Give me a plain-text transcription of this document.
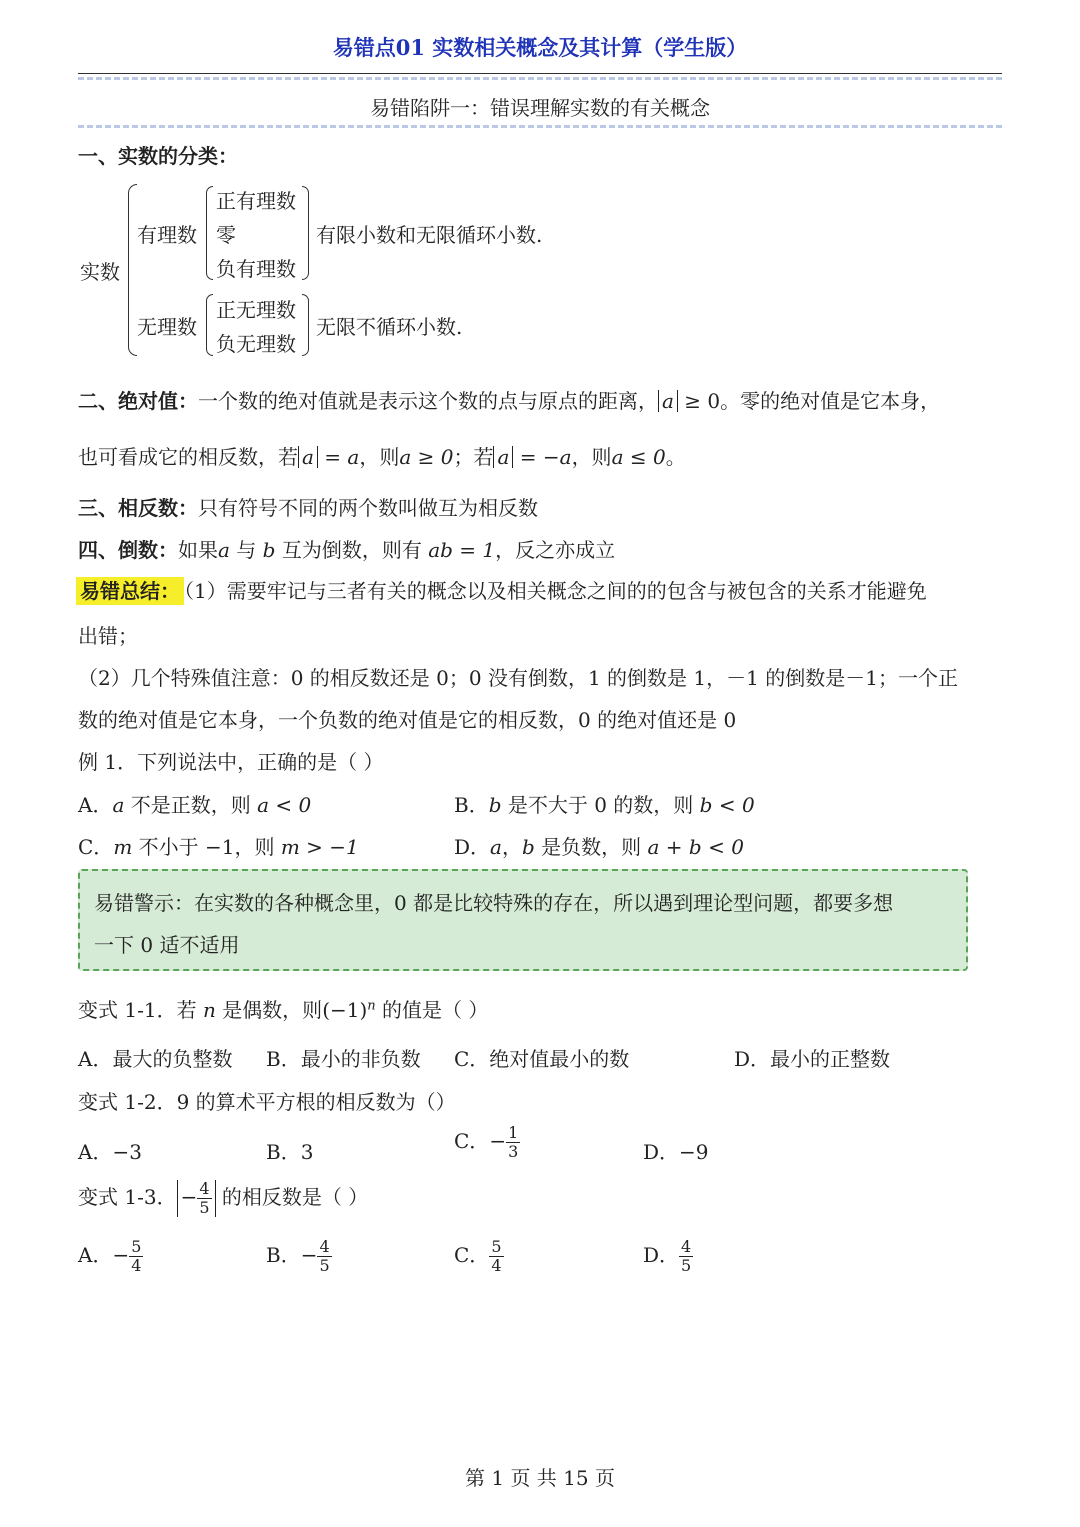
易错点01 实数相关概念及其计算（学生版）
易错陷阱一：错误理解实数的有关概念
一、实数的分类：
实数
有理数
正有理数
零
负有理数
有限小数和无限循环小数.
无理数
正无理数
负无理数
无限不循环小数.
二、绝对值：一个数的绝对值就是表示这个数的点与原点的距离， a ≥ 0。零的绝对值是它本身，
也可看成它的相反数，若 a = a，则a ≥ 0；若 a = −a，则a ≤ 0。
三、相反数：只有符号不同的两个数叫做互为相反数
四、倒数：如果a 与 b 互为倒数，则有 ab = 1，反之亦成立
易错总结： （1）需要牢记与三者有关的概念以及相关概念之间的的包含与被包含的关系才能避免
出错；
（2）几个特殊值注意：0 的相反数还是 0；0 没有倒数，1 的倒数是 1，－1 的倒数是－1；一个正
数的绝对值是它本身，一个负数的绝对值是它的相反数，0 的绝对值还是 0
例 1．下列说法中，正确的是（ ）
A．a 不是正数，则 a < 0	B．b 是不大于 0 的数，则 b < 0
C．m 不小于 −1，则 m > −1	D．a，b 是负数，则 a + b < 0
易错警示：在实数的各种概念里，0 都是比较特殊的存在，所以遇到理论型问题，都要多想
一下 0 适不适用
变式 1-1．若 n 是偶数，则$(-1)^n$ 的值是（ ）
A．最大的负整数 B．最小的非负数 C．绝对值最小的数	D．最小的正整数
变式 1-2．9 的算术平方根的相反数为（）
A．−3	B．3	C．− $\frac{1}{3}$	D．−9
变式 1-3． − $\frac{4}{5}$ 的相反数是（ ）
A．− $\frac{5}{4}$	B．− $\frac{4}{5}$	C． $\frac{5}{4}$	D． $\frac{4}{5}$
第 1 页 共 15 页
